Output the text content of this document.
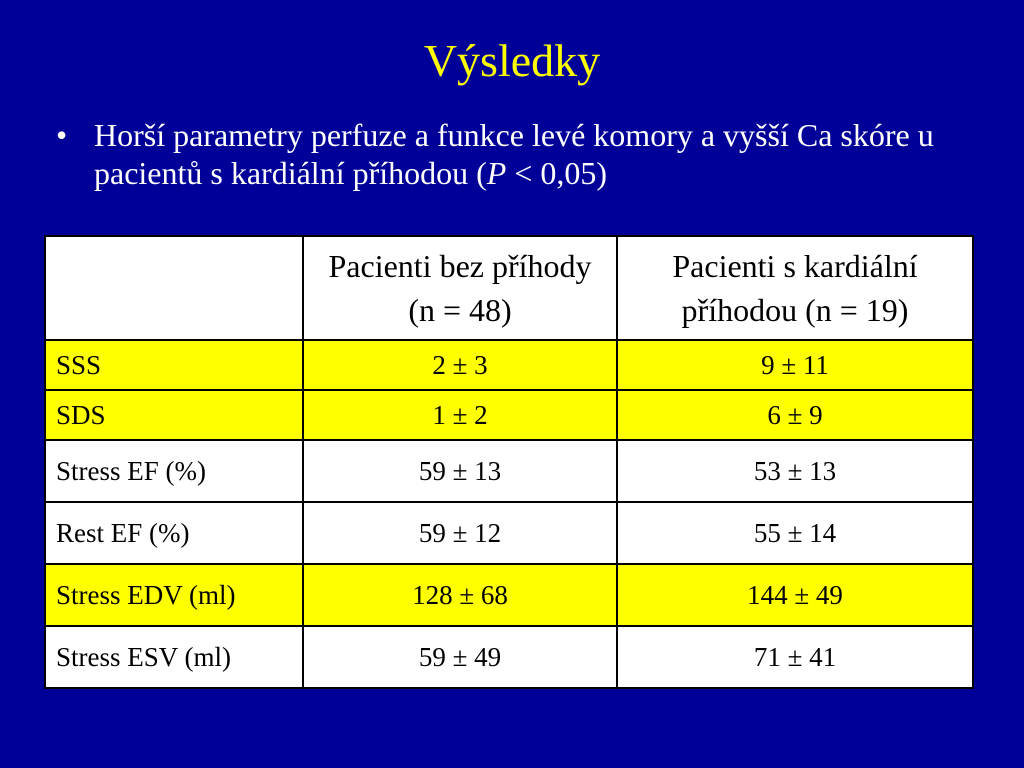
Výsledky
• Horší parametry perfuze a funkce levé komory a vyšší Ca skóre u pacientů s kardiální příhodou (P < 0,05)
	Pacienti bez příhody (n = 48)	Pacienti s kardiální příhodou (n = 19)
SSS	2 ± 3	9 ± 11
SDS	1 ± 2	6 ± 9
Stress EF (%)	59 ± 13	53 ± 13
Rest EF (%)	59 ± 12	55 ± 14
Stress EDV (ml)	128 ± 68	144 ± 49
Stress ESV (ml)	59 ± 49	71 ± 41
